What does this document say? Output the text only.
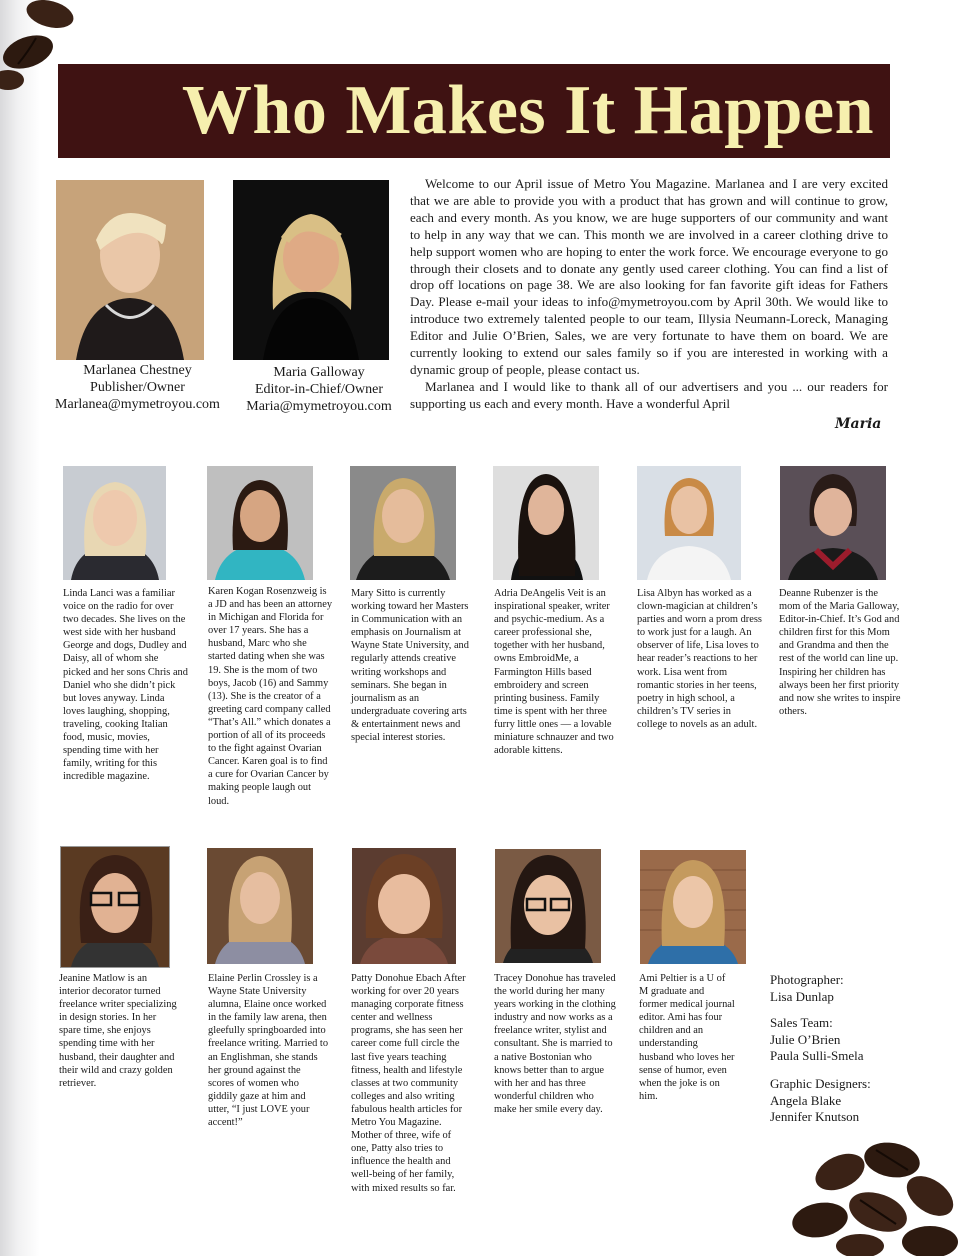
Who Makes It Happen
Marlanea Chestney
Publisher/Owner
Marlanea@mymetroyou.com
Maria Galloway
Editor-in-Chief/Owner
Maria@mymetroyou.com

Welcome to our April issue of Metro You Magazine. Marlanea and I are very excited that we are able to provide you with a product that has grown and will continue to grow, each and every month. As you know, we are huge supporters of our community and want to help in any way that we can. This month we are involved in a career clothing drive to help support women who are hoping to enter the work force. We encourage everyone to go through their closets and to donate any gently used career clothing. You can find a list of drop off locations on page 38. We are also looking for fan favorite gift ideas for Fathers Day. Please e-mail your ideas to info@mymetroyou.com by April 30th. We would like to introduce two extremely talented people to our team, Illysia Neumann-Loreck, Managing Editor and Julie O’Brien, Sales, we are very fortunate to have them on board. We are currently looking to extend our sales family so if you are interested in working with a dynamic group of people, please contact us.

Marlanea and I would like to thank all of our advertisers and you ... our readers for supporting us each and every month. Have a wonderful April

Maria
Linda Lanci was a familiar voice on the radio for over two decades. She lives on the west side with her husband George and dogs, Dudley and Daisy, all of whom she picked and her sons Chris and Daniel who she didn’t pick but loves anyway. Linda loves laughing, shopping, traveling, cooking Italian food, music, movies, spending time with her family, writing for this incredible magazine.
Karen Kogan Rosenzweig is a JD and has been an attorney in Michigan and Florida for over 17 years. She has a husband, Marc who she started dating when she was 19. She is the mom of two boys, Jacob (16) and Sammy (13). She is the creator of a greeting card company called “That’s All.” which donates a portion of all of its proceeds to the fight against Ovarian Cancer. Karen goal is to find a cure for Ovarian Cancer by making people laugh out loud.
Mary Sitto is currently working toward her Masters in Communication with an emphasis on Journalism at Wayne State University, and regularly attends creative writing workshops and seminars. She began in journalism as an undergraduate covering arts & entertainment news and special interest stories.
Adria DeAngelis Veit is an inspirational speaker, writer and psychic-medium. As a career professional she, together with her husband, owns EmbroidMe, a Farmington Hills based embroidery and screen printing business. Family time is spent with her three furry little ones — a lovable miniature schnauzer and two adorable kittens.
Lisa Albyn has worked as a clown-magician at children’s parties and worn a prom dress to work just for a laugh. An observer of life, Lisa loves to hear reader’s reactions to her work. Lisa went from romantic stories in her teens, poetry in high school, a children’s TV series in college to novels as an adult.
Deanne Rubenzer is the mom of the Maria Galloway, Editor-in-Chief. It’s God and children first for this Mom and Grandma and then the rest of the world can line up. Inspiring her children has always been her first priority and now she writes to inspire others.
Jeanine Matlow is an interior decorator turned freelance writer specializing in design stories. In her spare time, she enjoys spending time with her husband, their daughter and their wild and crazy golden retriever.
Elaine Perlin Crossley is a Wayne State University alumna, Elaine once worked in the family law arena, then gleefully springboarded into freelance writing. Married to an Englishman, she stands her ground against the scores of women who giddily gaze at him and utter, “I just LOVE your accent!”
Patty Donohue Ebach After working for over 20 years managing corporate fitness center and wellness programs, she has seen her career come full circle the last five years teaching fitness, health and lifestyle classes at two community colleges and also writing fabulous health articles for Metro You Magazine. Mother of three, wife of one, Patty also tries to influence the health and well-being of her family, with mixed results so far.
Tracey Donohue has traveled the world during her many years working in the clothing industry and now works as a freelance writer, stylist and consultant. She is married to a native Bostonian who knows better than to argue with her and has three wonderful children who make her smile every day.
Ami Peltier is a U of M graduate and former medical journal editor. Ami has four children and an understanding husband who loves her sense of humor, even when the joke is on him.
Photographer:
Lisa Dunlap
Sales Team:
Julie O’Brien
Paula Sulli-Smela
Graphic Designers:
Angela Blake
Jennifer Knutson
